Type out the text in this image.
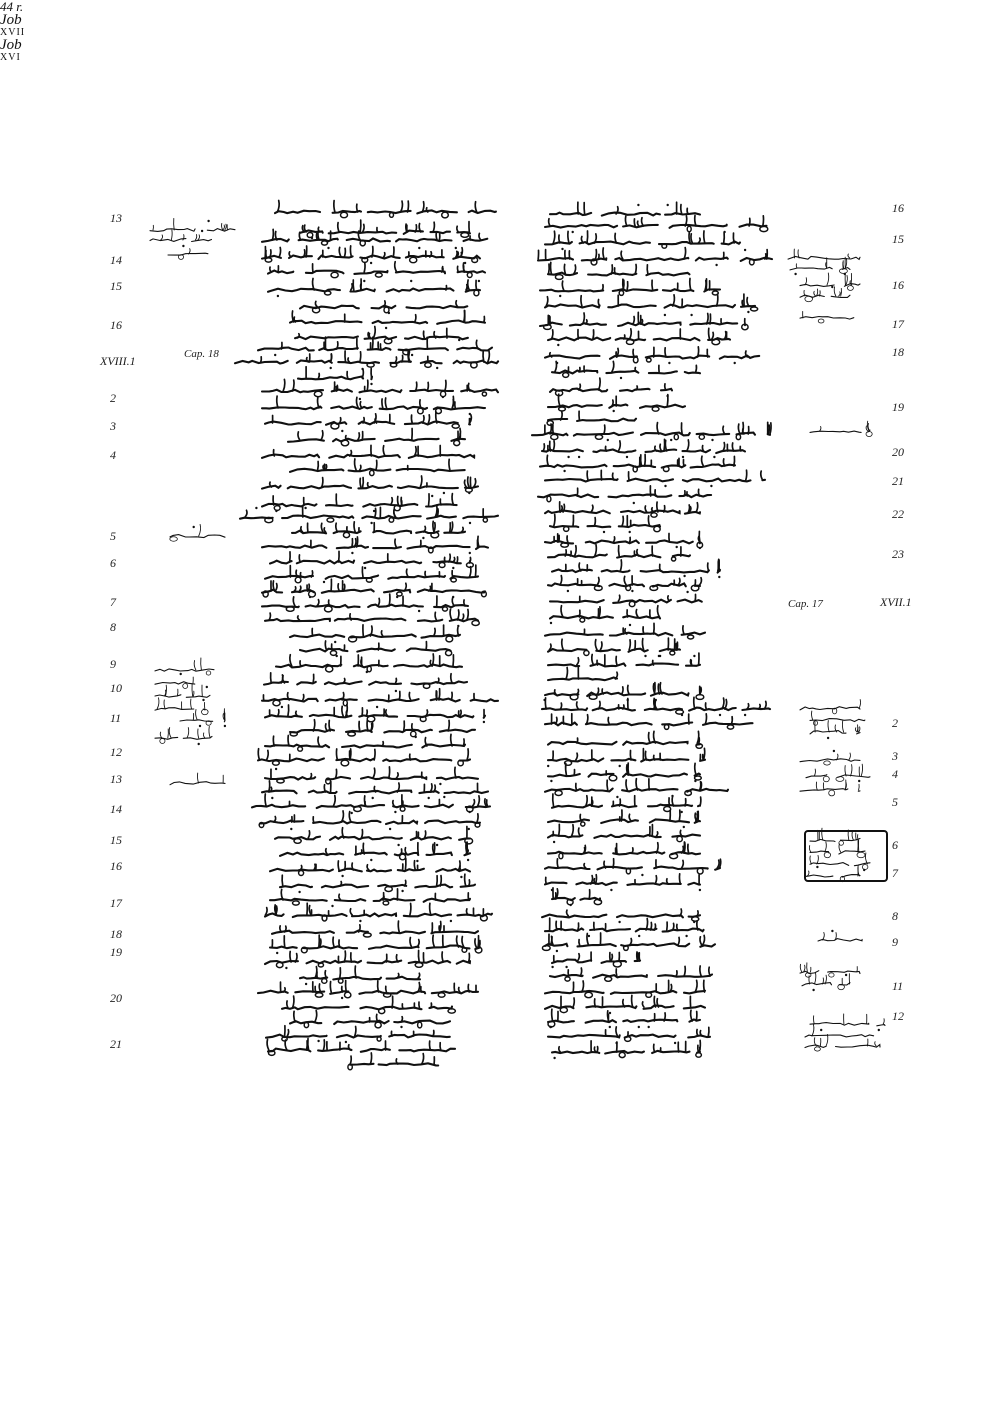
44 r.
Job
XVII
Job
XVI
13
14
15
16
XVIII.1
2
3
4
5
6
7
8
9
10
11
12
13
14
15
16
17
18
19
20
21
16
15
16
17
18
19
20
21
22
23
XVII.1
2
3
4
5
6
7
8
9
11
12
Cap. 18
Cap. 17
